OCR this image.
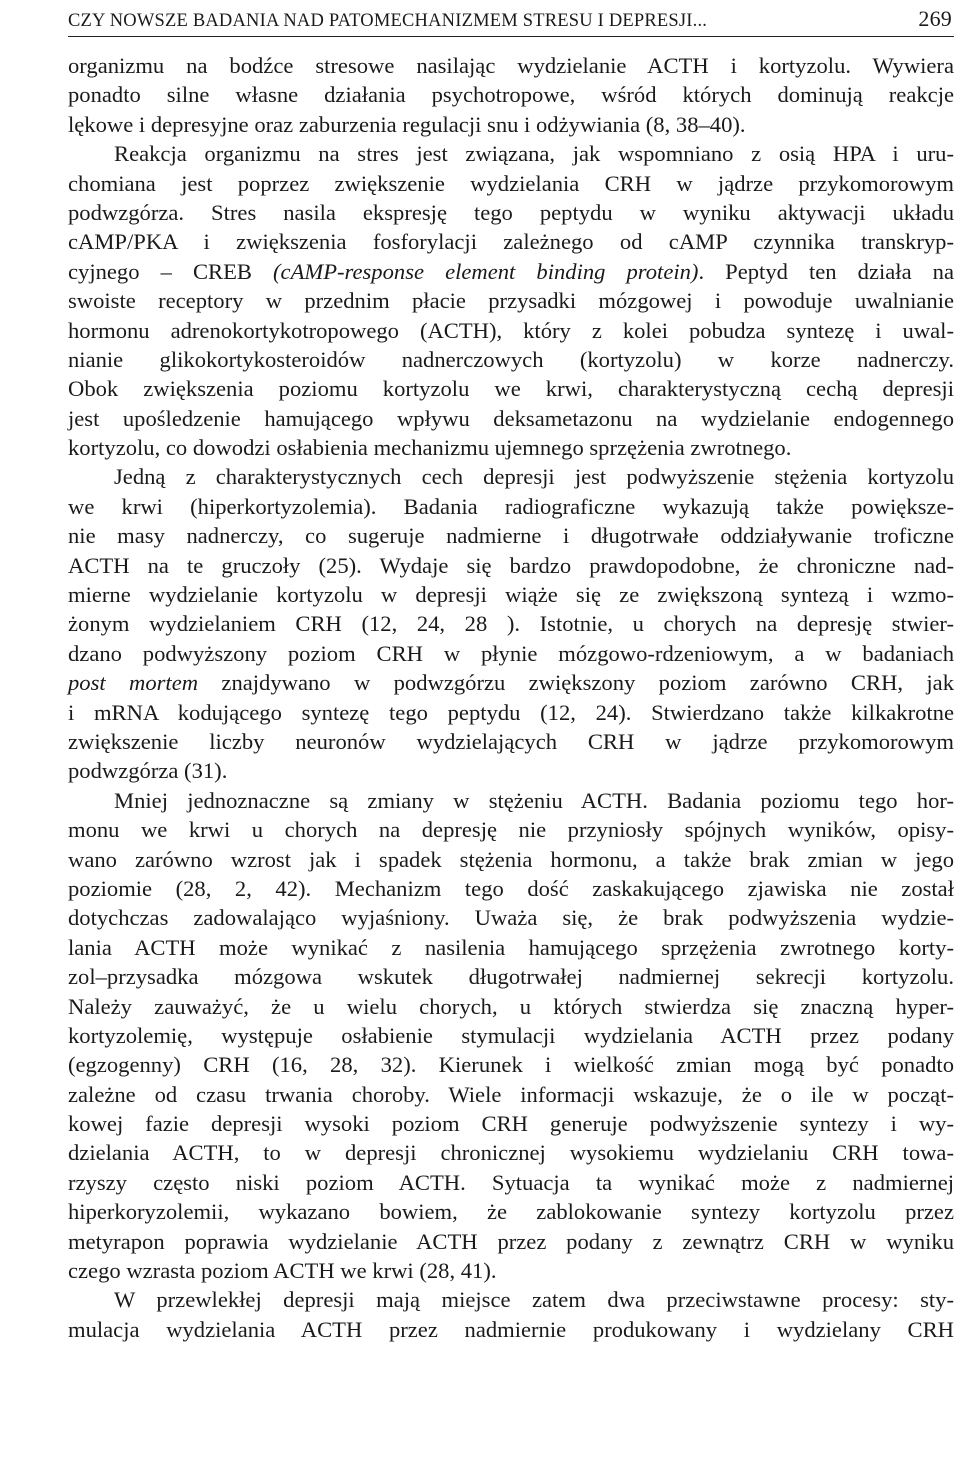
CZY NOWSZE BADANIA NAD PATOMECHANIZMEM STRESU I DEPRESJI...	269
organizmu na bodźce stresowe nasilając wydzielanie ACTH i kortyzolu. Wywiera
ponadto silne własne działania psychotropowe, wśród których dominują reakcje
lękowe i depresyjne oraz zaburzenia regulacji snu i odżywiania (8, 38–40).
Reakcja organizmu na stres jest związana, jak wspomniano z osią HPA i uru-
chomiana jest poprzez zwiększenie wydzielania CRH w jądrze przykomorowym
podwzgórza. Stres nasila ekspresję tego peptydu w wyniku aktywacji układu
cAMP/PKA i zwiększenia fosforylacji zależnego od cAMP czynnika transkryp-
cyjnego – CREB (cAMP-response element binding protein). Peptyd ten działa na
swoiste receptory w przednim płacie przysadki mózgowej i powoduje uwalnianie
hormonu adrenokortykotropowego (ACTH), który z kolei pobudza syntezę i uwal-
nianie glikokortykosteroidów nadnerczowych (kortyzolu) w korze nadnerczy.
Obok zwiększenia poziomu kortyzolu we krwi, charakterystyczną cechą depresji
jest upośledzenie hamującego wpływu deksametazonu na wydzielanie endogennego
kortyzolu, co dowodzi osłabienia mechanizmu ujemnego sprzężenia zwrotnego.
Jedną z charakterystycznych cech depresji jest podwyższenie stężenia kortyzolu
we krwi (hiperkortyzolemia). Badania radiograficzne wykazują także powiększe-
nie masy nadnerczy, co sugeruje nadmierne i długotrwałe oddziaływanie troficzne
ACTH na te gruczoły (25). Wydaje się bardzo prawdopodobne, że chroniczne nad-
mierne wydzielanie kortyzolu w depresji wiąże się ze zwiększoną syntezą i wzmo-
żonym wydzielaniem CRH (12, 24, 28 ). Istotnie, u chorych na depresję stwier-
dzano podwyższony poziom CRH w płynie mózgowo-rdzeniowym, a w badaniach
post mortem znajdywano w podwzgórzu zwiększony poziom zarówno CRH, jak
i mRNA kodującego syntezę tego peptydu (12, 24). Stwierdzano także kilkakrotne
zwiększenie liczby neuronów wydzielających CRH w jądrze przykomorowym
podwzgórza (31).
Mniej jednoznaczne są zmiany w stężeniu ACTH. Badania poziomu tego hor-
monu we krwi u chorych na depresję nie przyniosły spójnych wyników, opisy-
wano zarówno wzrost jak i spadek stężenia hormonu, a także brak zmian w jego
poziomie (28, 2, 42). Mechanizm tego dość zaskakującego zjawiska nie został
dotychczas zadowalająco wyjaśniony. Uważa się, że brak podwyższenia wydzie-
lania ACTH może wynikać z nasilenia hamującego sprzężenia zwrotnego korty-
zol–przysadka mózgowa wskutek długotrwałej nadmiernej sekrecji kortyzolu.
Należy zauważyć, że u wielu chorych, u których stwierdza się znaczną hyper-
kortyzolemię, występuje osłabienie stymulacji wydzielania ACTH przez podany
(egzogenny) CRH (16, 28, 32). Kierunek i wielkość zmian mogą być ponadto
zależne od czasu trwania choroby. Wiele informacji wskazuje, że o ile w począt-
kowej fazie depresji wysoki poziom CRH generuje podwyższenie syntezy i wy-
dzielania ACTH, to w depresji chronicznej wysokiemu wydzielaniu CRH towa-
rzyszy często niski poziom ACTH. Sytuacja ta wynikać może z nadmiernej
hiperkoryzolemii, wykazano bowiem, że zablokowanie syntezy kortyzolu przez
metyrapon poprawia wydzielanie ACTH przez podany z zewnątrz CRH w wyniku
czego wzrasta poziom ACTH we krwi (28, 41).
W przewlekłej depresji mają miejsce zatem dwa przeciwstawne procesy: sty-
mulacja wydzielania ACTH przez nadmiernie produkowany i wydzielany CRH
